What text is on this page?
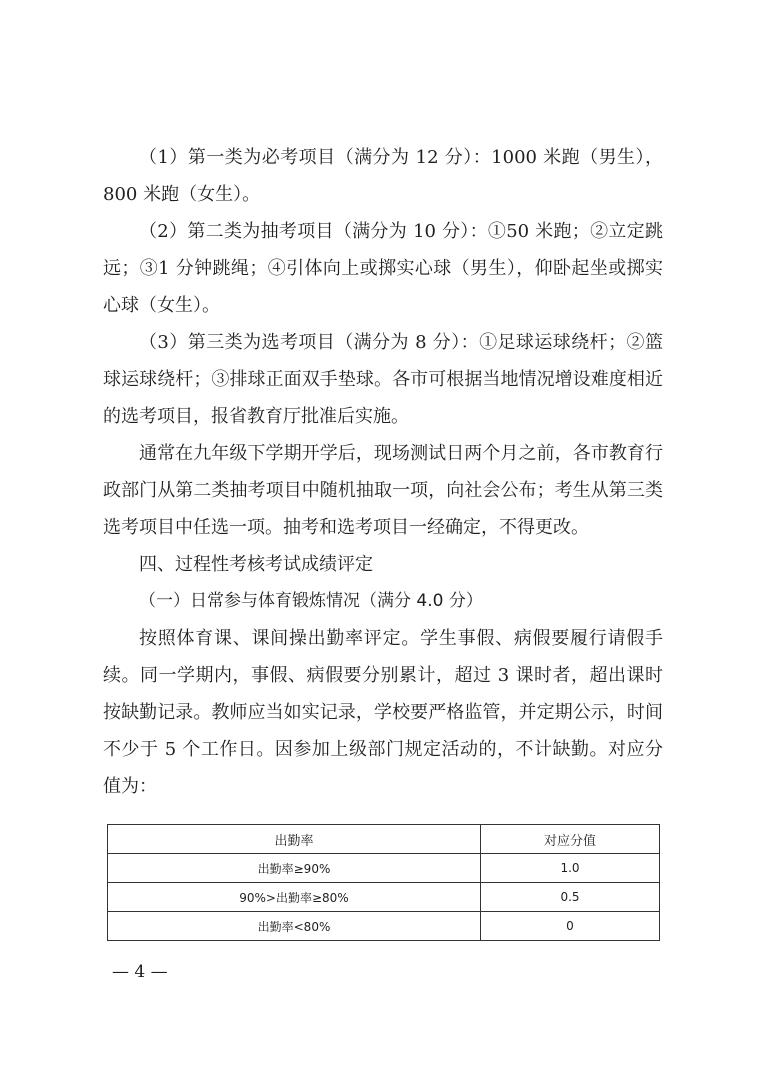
（1）第一类为必考项目（满分为 12 分）：1000 米跑（男生），800 米跑（女生）。

（2）第二类为抽考项目（满分为 10 分）：①50 米跑；②立定跳远；③1 分钟跳绳；④引体向上或掷实心球（男生），仰卧起坐或掷实心球（女生）。

（3）第三类为选考项目（满分为 8 分）：①足球运球绕杆；②篮球运球绕杆；③排球正面双手垫球。各市可根据当地情况增设难度相近的选考项目，报省教育厅批准后实施。

通常在九年级下学期开学后，现场测试日两个月之前，各市教育行政部门从第二类抽考项目中随机抽取一项，向社会公布；考生从第三类选考项目中任选一项。抽考和选考项目一经确定，不得更改。

四、过程性考核考试成绩评定

（一）日常参与体育锻炼情况（满分 4.0 分）

按照体育课、课间操出勤率评定。学生事假、病假要履行请假手续。同一学期内，事假、病假要分别累计，超过 3 课时者，超出课时按缺勤记录。教师应当如实记录，学校要严格监管，并定期公示，时间不少于 5 个工作日。因参加上级部门规定活动的，不计缺勤。对应分值为：

出勤率	对应分值
出勤率≥90%	1.0
90%>出勤率≥80%	0.5
出勤率<80%	0
— 4 —
